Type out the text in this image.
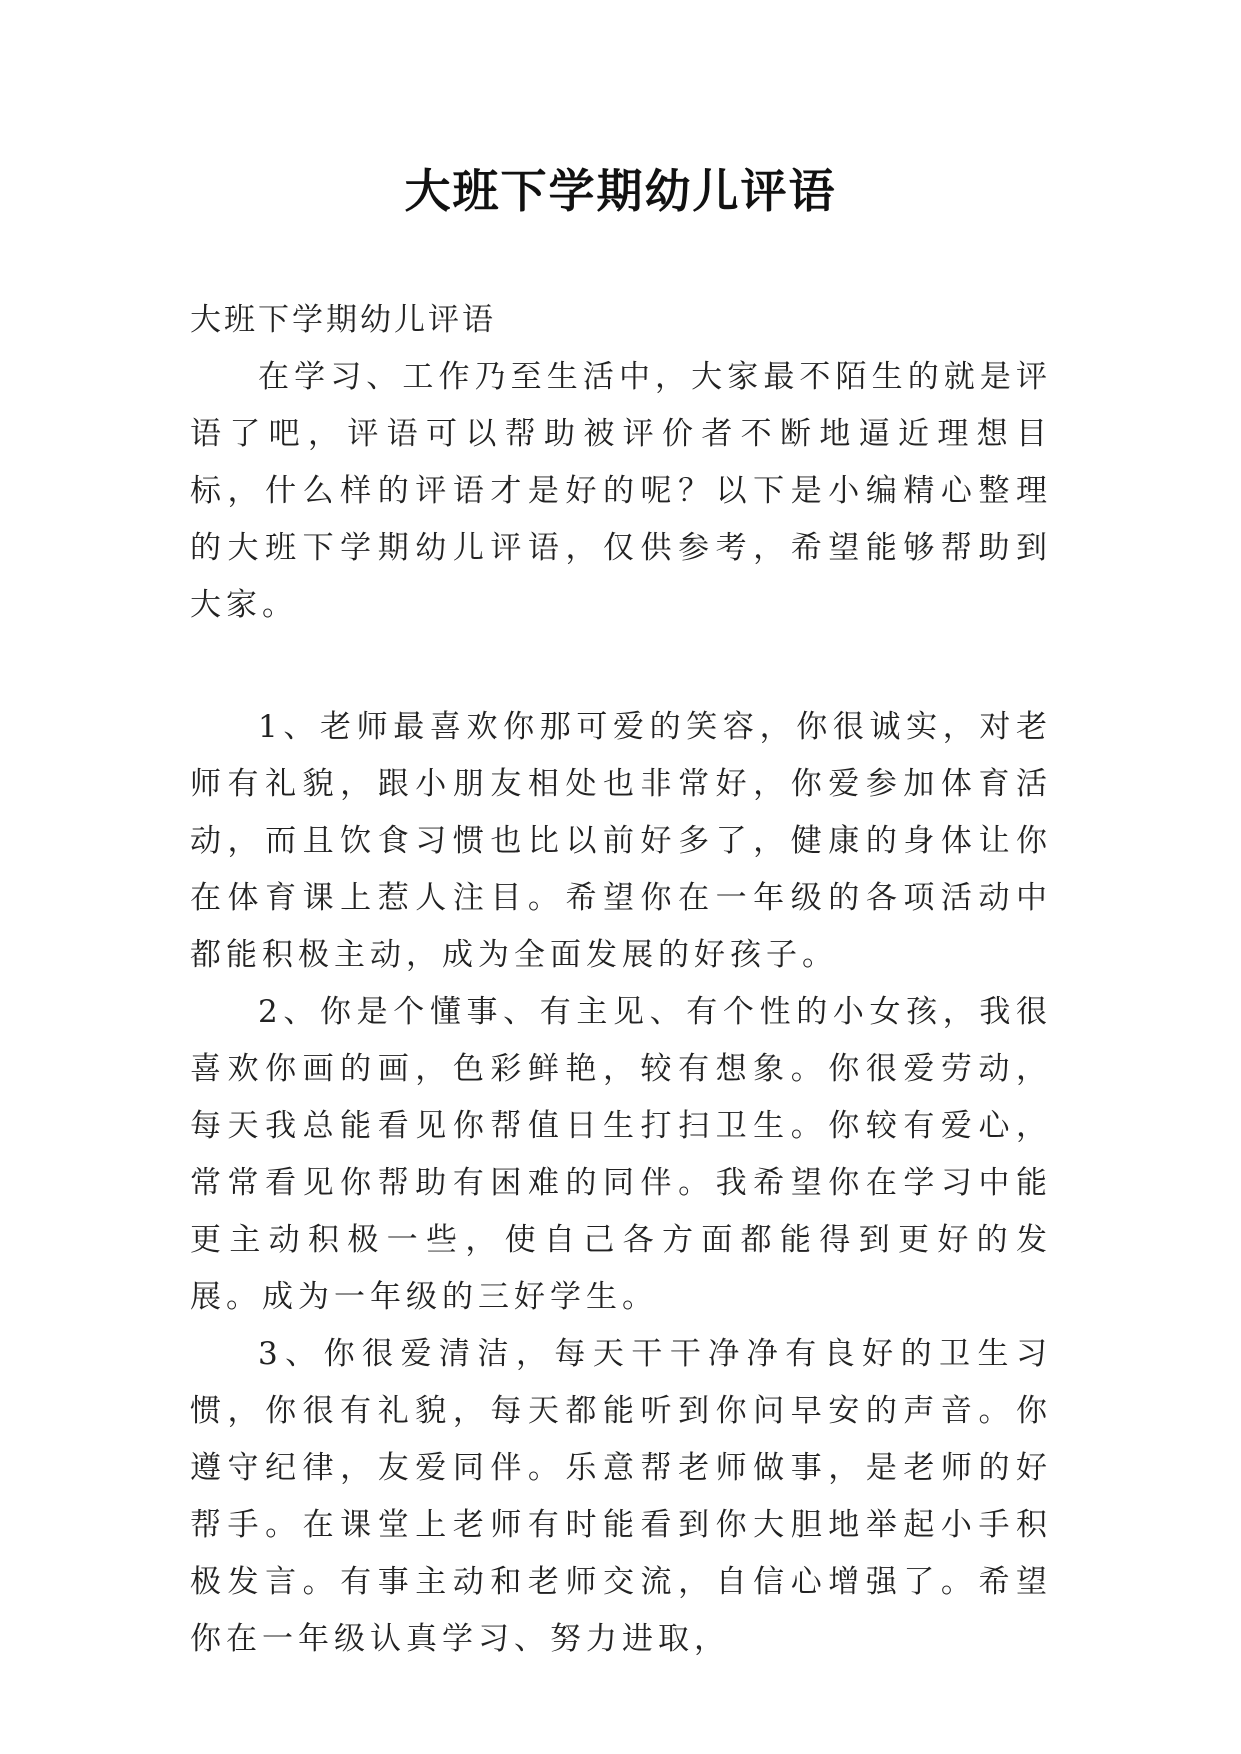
大班下学期幼儿评语
大班下学期幼儿评语

在学习、工作乃至生活中，大家最不陌生的就是评语了吧，评语可以帮助被评价者不断地逼近理想目标，什么样的评语才是好的呢？以下是小编精心整理的大班下学期幼儿评语，仅供参考，希望能够帮助到大家。

1、老师最喜欢你那可爱的笑容，你很诚实，对老师有礼貌，跟小朋友相处也非常好，你爱参加体育活动，而且饮食习惯也比以前好多了，健康的身体让你在体育课上惹人注目。希望你在一年级的各项活动中都能积极主动，成为全面发展的好孩子。

2、你是个懂事、有主见、有个性的小女孩，我很喜欢你画的画，色彩鲜艳，较有想象。你很爱劳动，每天我总能看见你帮值日生打扫卫生。你较有爱心，常常看见你帮助有困难的同伴。我希望你在学习中能更主动积极一些，使自己各方面都能得到更好的发展。成为一年级的三好学生。

3、你很爱清洁，每天干干净净有良好的卫生习惯，你很有礼貌，每天都能听到你问早安的声音。你遵守纪律，友爱同伴。乐意帮老师做事，是老师的好帮手。在课堂上老师有时能看到你大胆地举起小手积极发言。有事主动和老师交流，自信心增强了。希望你在一年级认真学习、努力进取，
